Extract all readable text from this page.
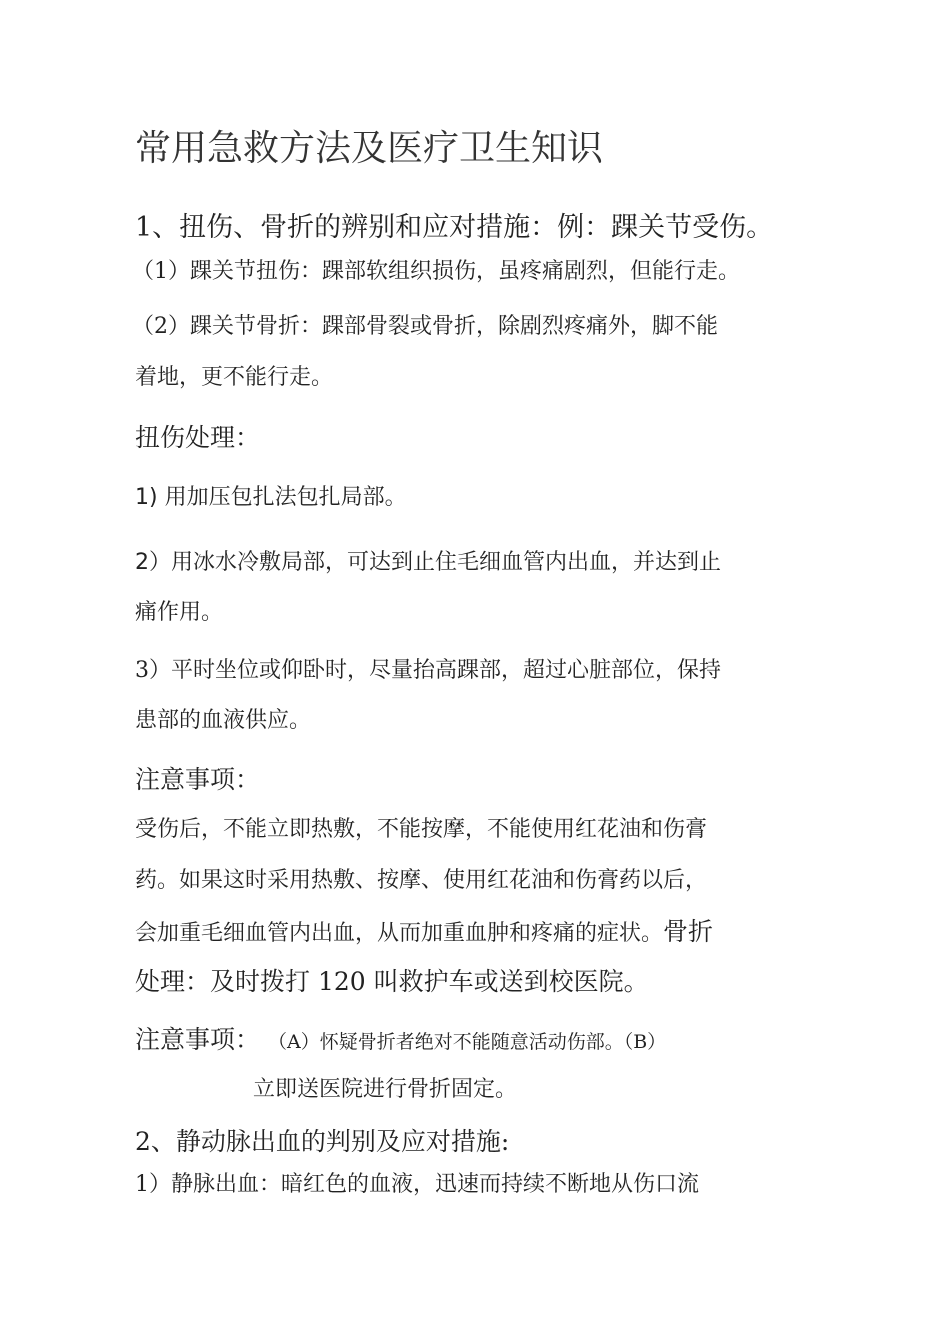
常用急救方法及医疗卫生知识
1、扭伤、骨折的辨别和应对措施：例：踝关节受伤。
（1）踝关节扭伤：踝部软组织损伤，虽疼痛剧烈，但能行走。
（2）踝关节骨折：踝部骨裂或骨折，除剧烈疼痛外，脚不能
着地，更不能行走。
扭伤处理：
1) 用加压包扎法包扎局部。
2）用冰水冷敷局部，可达到止住毛细血管内出血，并达到止
痛作用。
3）平时坐位或仰卧时，尽量抬高踝部，超过心脏部位，保持
患部的血液供应。
注意事项：
受伤后，不能立即热敷，不能按摩，不能使用红花油和伤膏
药。如果这时采用热敷、按摩、使用红花油和伤膏药以后，
会加重毛细血管内出血，从而加重血肿和疼痛的症状。骨折
处理：及时拨打 120 叫救护车或送到校医院。
注意事项： （A）怀疑骨折者绝对不能随意活动伤部。（B）
立即送医院进行骨折固定。
2、静动脉出血的判别及应对措施:
1）静脉出血：暗红色的血液，迅速而持续不断地从伤口流
